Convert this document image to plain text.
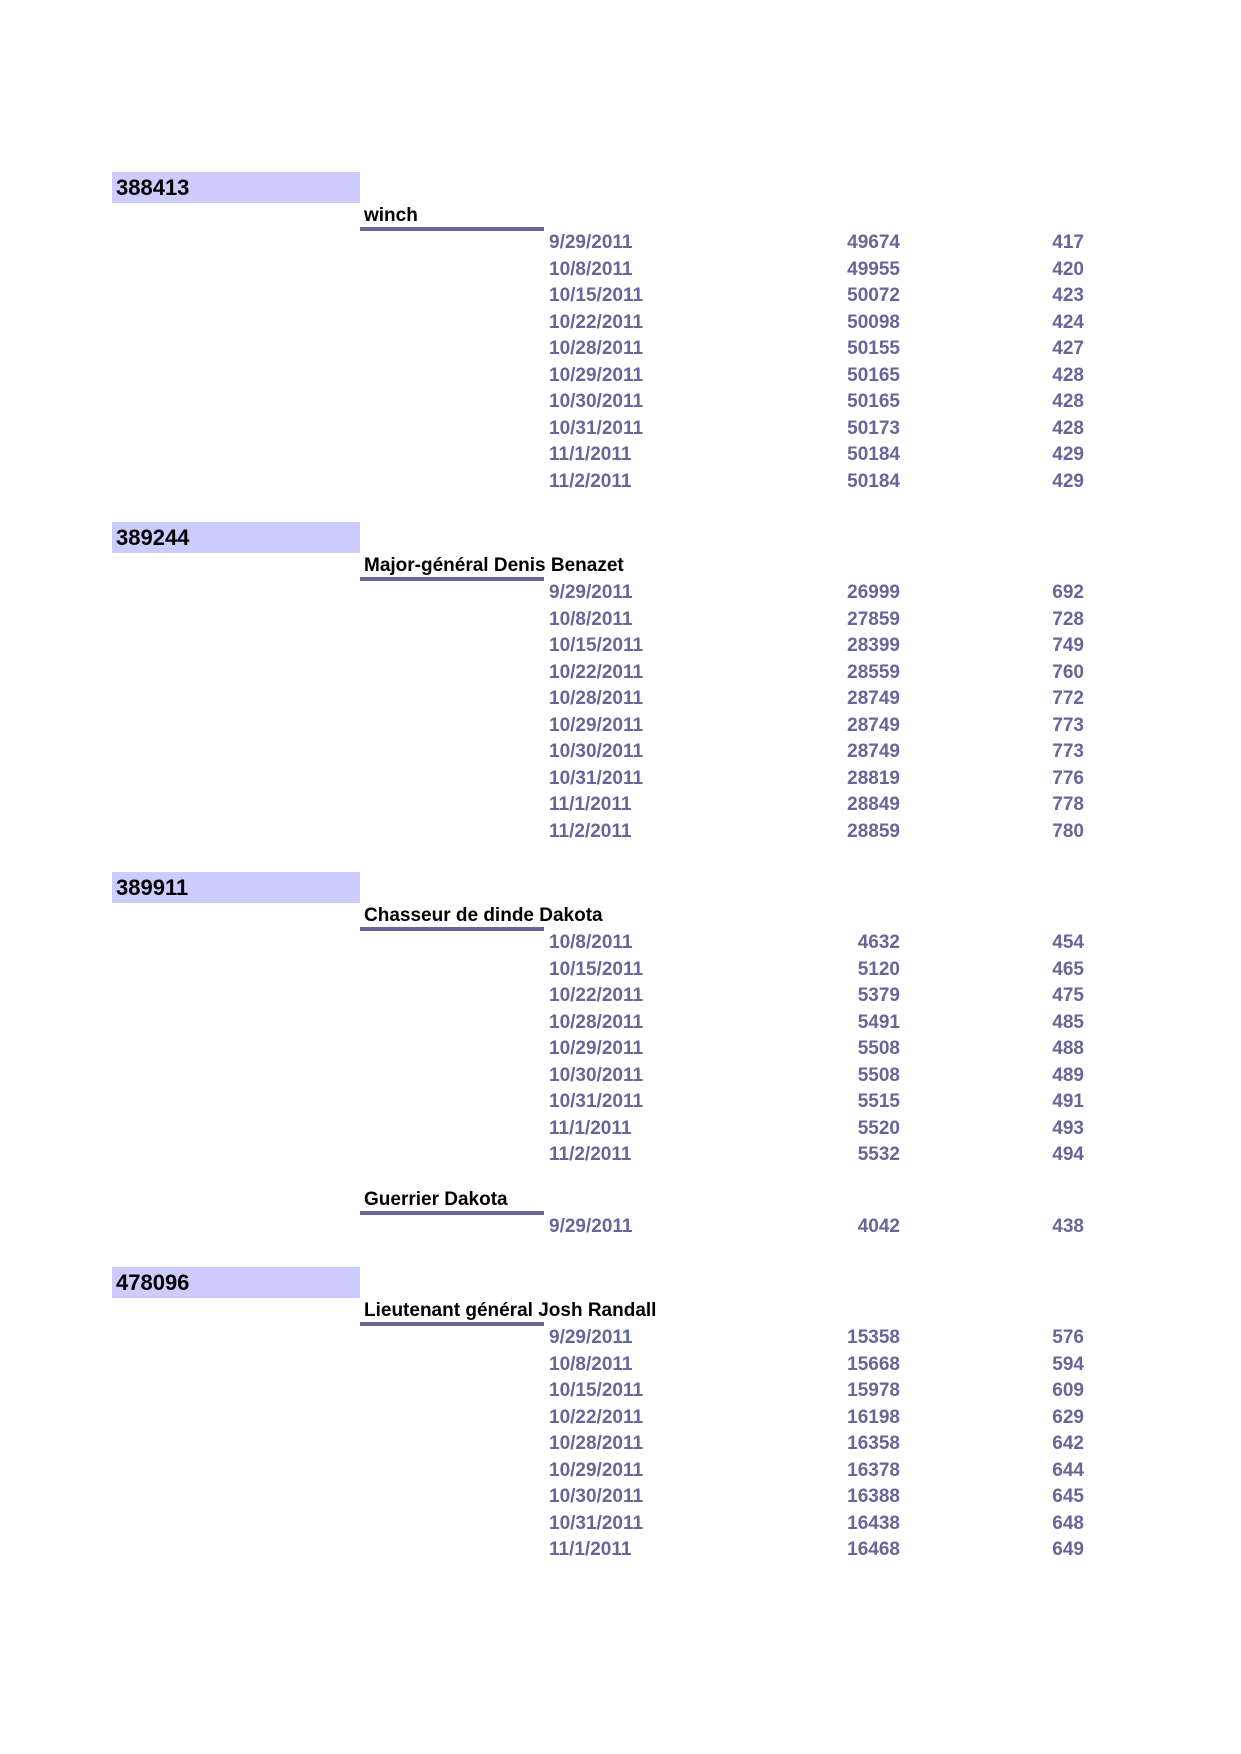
388413
winch
9/29/2011	49674	417
10/8/2011	49955	420
10/15/2011	50072	423
10/22/2011	50098	424
10/28/2011	50155	427
10/29/2011	50165	428
10/30/2011	50165	428
10/31/2011	50173	428
11/1/2011	50184	429
11/2/2011	50184	429
389244
Major-général Denis Benazet
9/29/2011	26999	692
10/8/2011	27859	728
10/15/2011	28399	749
10/22/2011	28559	760
10/28/2011	28749	772
10/29/2011	28749	773
10/30/2011	28749	773
10/31/2011	28819	776
11/1/2011	28849	778
11/2/2011	28859	780
389911
Chasseur de dinde Dakota
10/8/2011	4632	454
10/15/2011	5120	465
10/22/2011	5379	475
10/28/2011	5491	485
10/29/2011	5508	488
10/30/2011	5508	489
10/31/2011	5515	491
11/1/2011	5520	493
11/2/2011	5532	494
Guerrier Dakota
9/29/2011	4042	438
478096
Lieutenant général Josh Randall
9/29/2011	15358	576
10/8/2011	15668	594
10/15/2011	15978	609
10/22/2011	16198	629
10/28/2011	16358	642
10/29/2011	16378	644
10/30/2011	16388	645
10/31/2011	16438	648
11/1/2011	16468	649
